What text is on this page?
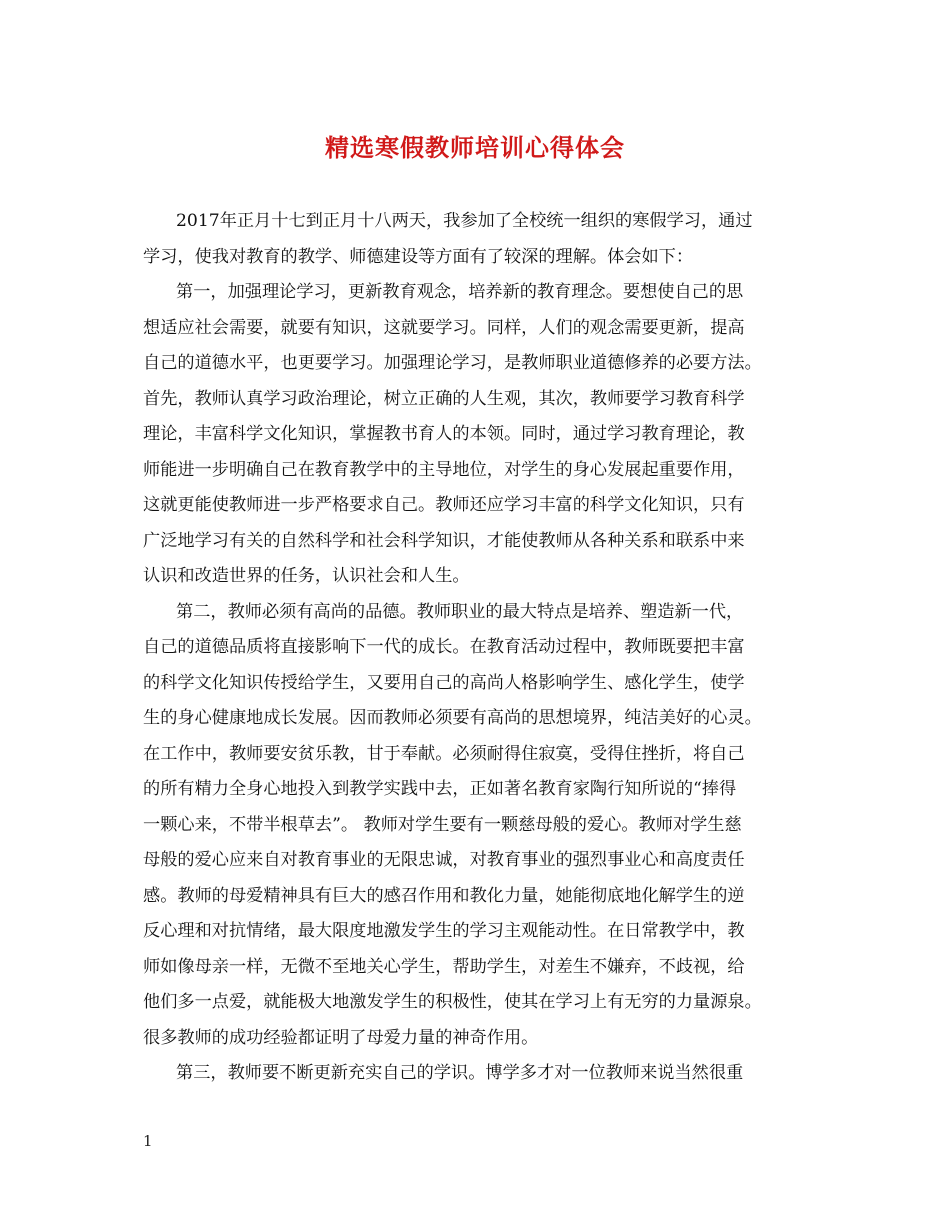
精选寒假教师培训心得体会
2017年正月十七到正月十八两天，我参加了全校统一组织的寒假学习，通过
学习，使我对教育的教学、师德建设等方面有了较深的理解。体会如下：
第一，加强理论学习，更新教育观念，培养新的教育理念。要想使自己的思
想适应社会需要，就要有知识，这就要学习。同样，人们的观念需要更新，提高
自己的道德水平，也更要学习。加强理论学习，是教师职业道德修养的必要方法。
首先，教师认真学习政治理论，树立正确的人生观，其次，教师要学习教育科学
理论，丰富科学文化知识，掌握教书育人的本领。同时，通过学习教育理论，教
师能进一步明确自己在教育教学中的主导地位，对学生的身心发展起重要作用，
这就更能使教师进一步严格要求自己。教师还应学习丰富的科学文化知识，只有
广泛地学习有关的自然科学和社会科学知识，才能使教师从各种关系和联系中来
认识和改造世界的任务，认识社会和人生。
第二，教师必须有高尚的品德。教师职业的最大特点是培养、塑造新一代，
自己的道德品质将直接影响下一代的成长。在教育活动过程中，教师既要把丰富
的科学文化知识传授给学生，又要用自己的高尚人格影响学生、感化学生，使学
生的身心健康地成长发展。因而教师必须要有高尚的思想境界，纯洁美好的心灵。
在工作中，教师要安贫乐教，甘于奉献。必须耐得住寂寞，受得住挫折，将自己
的所有精力全身心地投入到教学实践中去，正如著名教育家陶行知所说的“捧得
一颗心来，不带半根草去”。 教师对学生要有一颗慈母般的爱心。教师对学生慈
母般的爱心应来自对教育事业的无限忠诚，对教育事业的强烈事业心和高度责任
感。教师的母爱精神具有巨大的感召作用和教化力量，她能彻底地化解学生的逆
反心理和对抗情绪，最大限度地激发学生的学习主观能动性。在日常教学中，教
师如像母亲一样，无微不至地关心学生，帮助学生，对差生不嫌弃，不歧视，给
他们多一点爱，就能极大地激发学生的积极性，使其在学习上有无穷的力量源泉。
很多教师的成功经验都证明了母爱力量的神奇作用。
第三，教师要不断更新充实自己的学识。博学多才对一位教师来说当然很重
1
